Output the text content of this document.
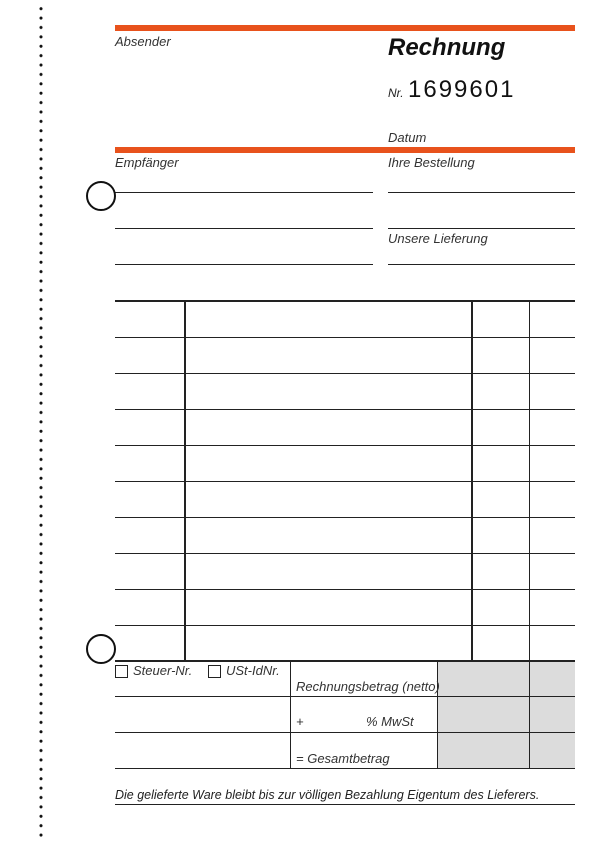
Absender	Rechnung
Nr. 1699601
Datum
Empfänger	Ihre Bestellung
Unsere Lieferung
Steuer-Nr.	USt-IdNr.
Rechnungsbetrag (netto)
+	% MwSt
= Gesamtbetrag
Die gelieferte Ware bleibt bis zur völligen Bezahlung Eigentum des Lieferers.
